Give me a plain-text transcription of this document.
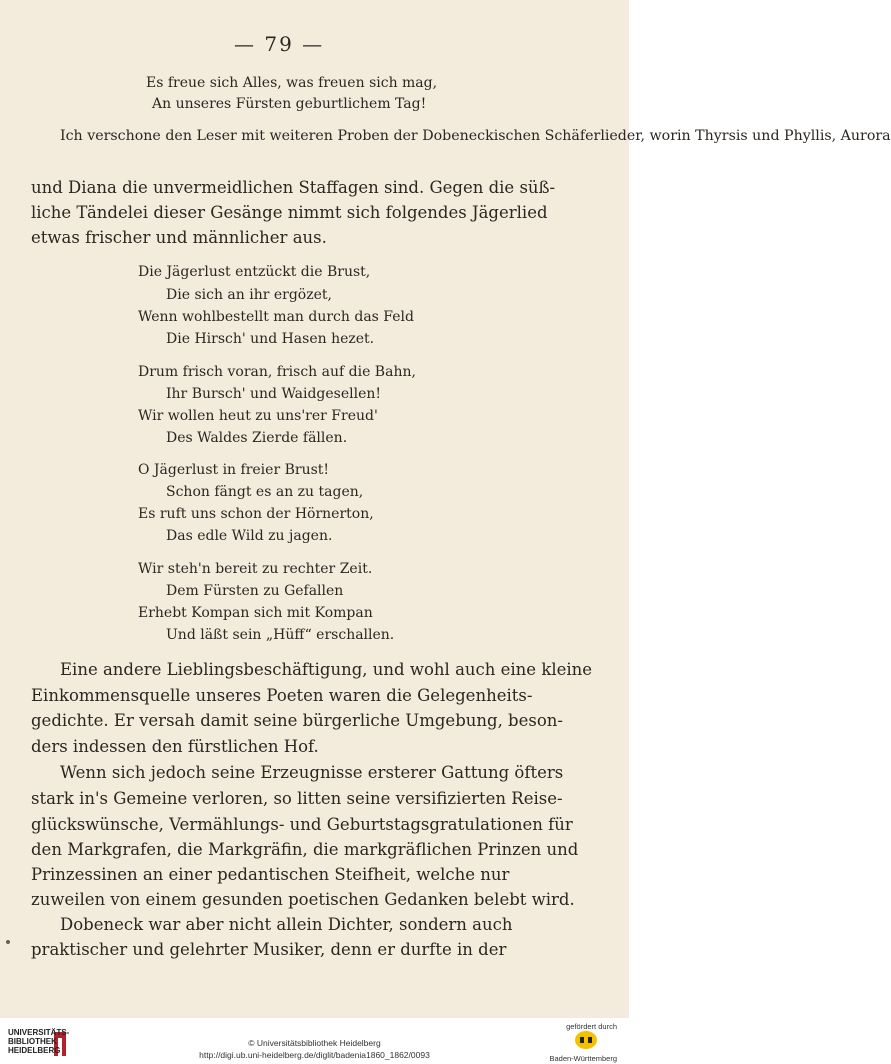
— 79 —
Es freue sich Alles, was freuen sich mag,
An unseres Fürsten geburtlichem Tag!
Ich verschone den Leser mit weiteren Proben der Dobeneckischen Schäferlieder, worin Thyrsis und Phyllis, Aurora
und Diana die unvermeidlichen Staffagen sind. Gegen die süß-
liche Tändelei dieser Gesänge nimmt sich folgendes Jägerlied
etwas frischer und männlicher aus.
Die Jägerlust entzückt die Brust,
Die sich an ihr ergözet,
Wenn wohlbestellt man durch das Feld
Die Hirsch' und Hasen hezet.
Drum frisch voran, frisch auf die Bahn,
Ihr Bursch' und Waidgesellen!
Wir wollen heut zu uns'rer Freud'
Des Waldes Zierde fällen.
O Jägerlust in freier Brust!
Schon fängt es an zu tagen,
Es ruft uns schon der Hörnerton,
Das edle Wild zu jagen.
Wir steh'n bereit zu rechter Zeit.
Dem Fürsten zu Gefallen
Erhebt Kompan sich mit Kompan
Und läßt sein „Hüff“ erschallen.
Eine andere Lieblingsbeschäftigung, und wohl auch eine kleine
Einkommensquelle unseres Poeten waren die Gelegenheits-
gedichte. Er versah damit seine bürgerliche Umgebung, beson-
ders indessen den fürstlichen Hof.
Wenn sich jedoch seine Erzeugnisse ersterer Gattung öfters
stark in's Gemeine verloren, so litten seine versifizierten Reise-
glückswünsche, Vermählungs- und Geburtstagsgratulationen für
den Markgrafen, die Markgräfin, die markgräflichen Prinzen und
Prinzessinen an einer pedantischen Steifheit, welche nur
zuweilen von einem gesunden poetischen Gedanken belebt wird.
Dobeneck war aber nicht allein Dichter, sondern auch
praktischer und gelehrter Musiker, denn er durfte in der
UNIVERSITÄTS-
BIBLIOTHEK
HEIDELBERG
© Universitätsbibliothek Heidelberg
http://digi.ub.uni-heidelberg.de/diglit/badenia1860_1862/0093
gefördert durch
Baden-Württemberg
